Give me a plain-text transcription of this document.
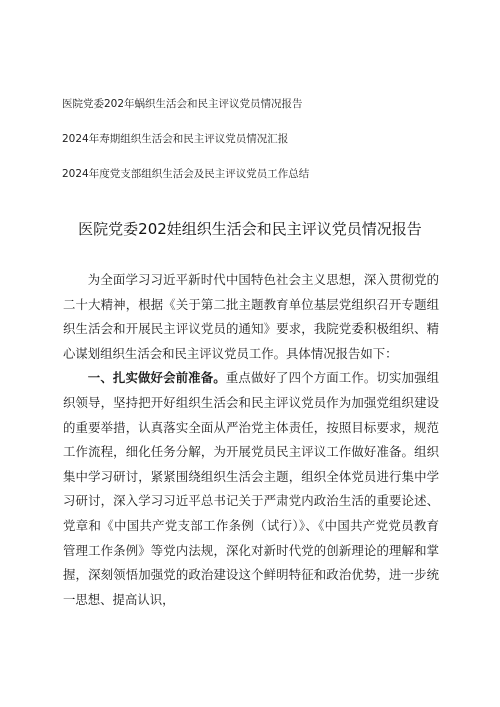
医院党委202年蜗织生活会和民主评议党员情况报告
2024年寿期组织生活会和民主评议党员情况汇报
2024年度党支部组织生活会及民主评议党员工作总结
医院党委202娃组织生活会和民主评议党员情况报告

为全面学习习近平新时代中国特色社会主义思想，深入贯彻党的二十大精神，根据《关于第二批主题教育单位基层党组织召开专题组织生活会和开展民主评议党员的通知》要求，我院党委积极组织、精心谋划组织生活会和民主评议党员工作。具体情况报告如下：

一、扎实做好会前准备。重点做好了四个方面工作。切实加强组织领导，坚持把开好组织生活会和民主评议党员作为加强党组织建设的重要举措，认真落实全面从严治党主体责任，按照目标要求，规范工作流程，细化任务分解，为开展党员民主评议工作做好准备。组织集中学习研讨，紧紧围绕组织生活会主题，组织全体党员进行集中学习研讨，深入学习习近平总书记关于严肃党内政治生活的重要论述、党章和《中国共产党支部工作条例（试行）》、《中国共产党党员教育管理工作条例》等党内法规，深化对新时代党的创新理论的理解和掌握，深刻领悟加强党的政治建设这个鲜明特征和政治优势，进一步统一思想、提高认识，
